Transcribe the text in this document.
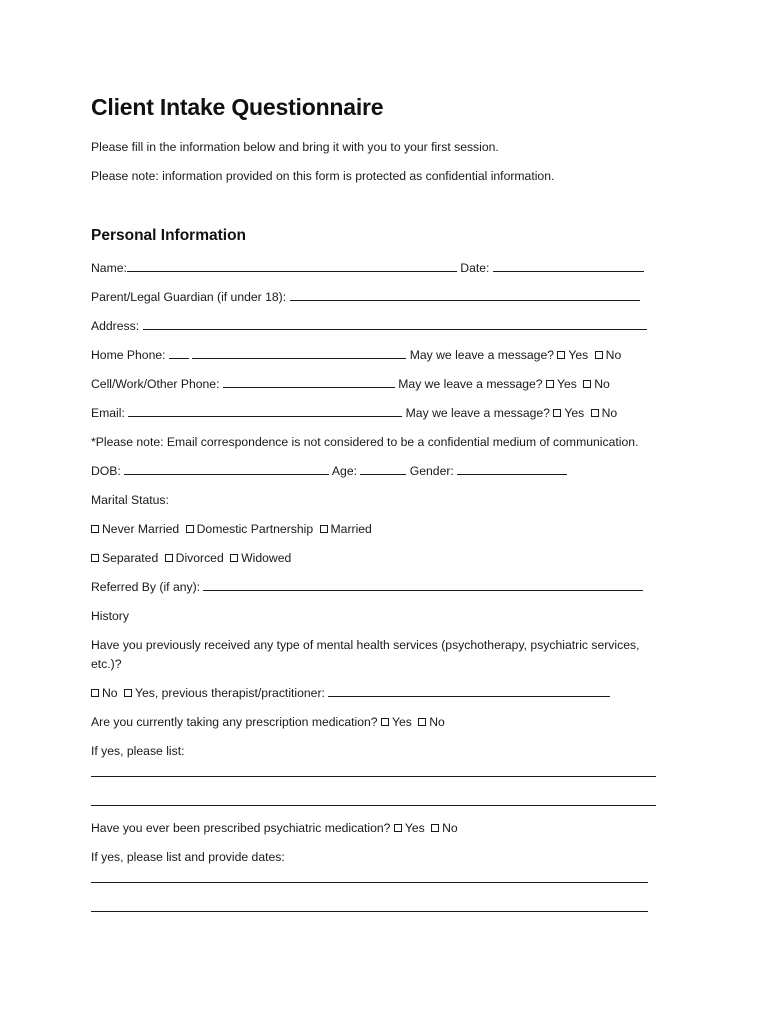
Client Intake Questionnaire
Please fill in the information below and bring it with you to your first session.
Please note: information provided on this form is protected as confidential information.
Personal Information
Name:	Date:
Parent/Legal Guardian (if under 18):
Address:
Home Phone:	May we leave a message? Yes No
Cell/Work/Other Phone:	May we leave a message? Yes No
Email:	May we leave a message? Yes No
*Please note: Email correspondence is not considered to be a confidential medium of communication.
DOB:	Age:	Gender:
Marital Status:
Never Married Domestic Partnership Married
Separated Divorced Widowed
Referred By (if any):
History
Have you previously received any type of mental health services (psychotherapy, psychiatric services, etc.)?
No Yes, previous therapist/practitioner:
Are you currently taking any prescription medication? Yes No
If yes, please list:
Have you ever been prescribed psychiatric medication? Yes No
If yes, please list and provide dates:
